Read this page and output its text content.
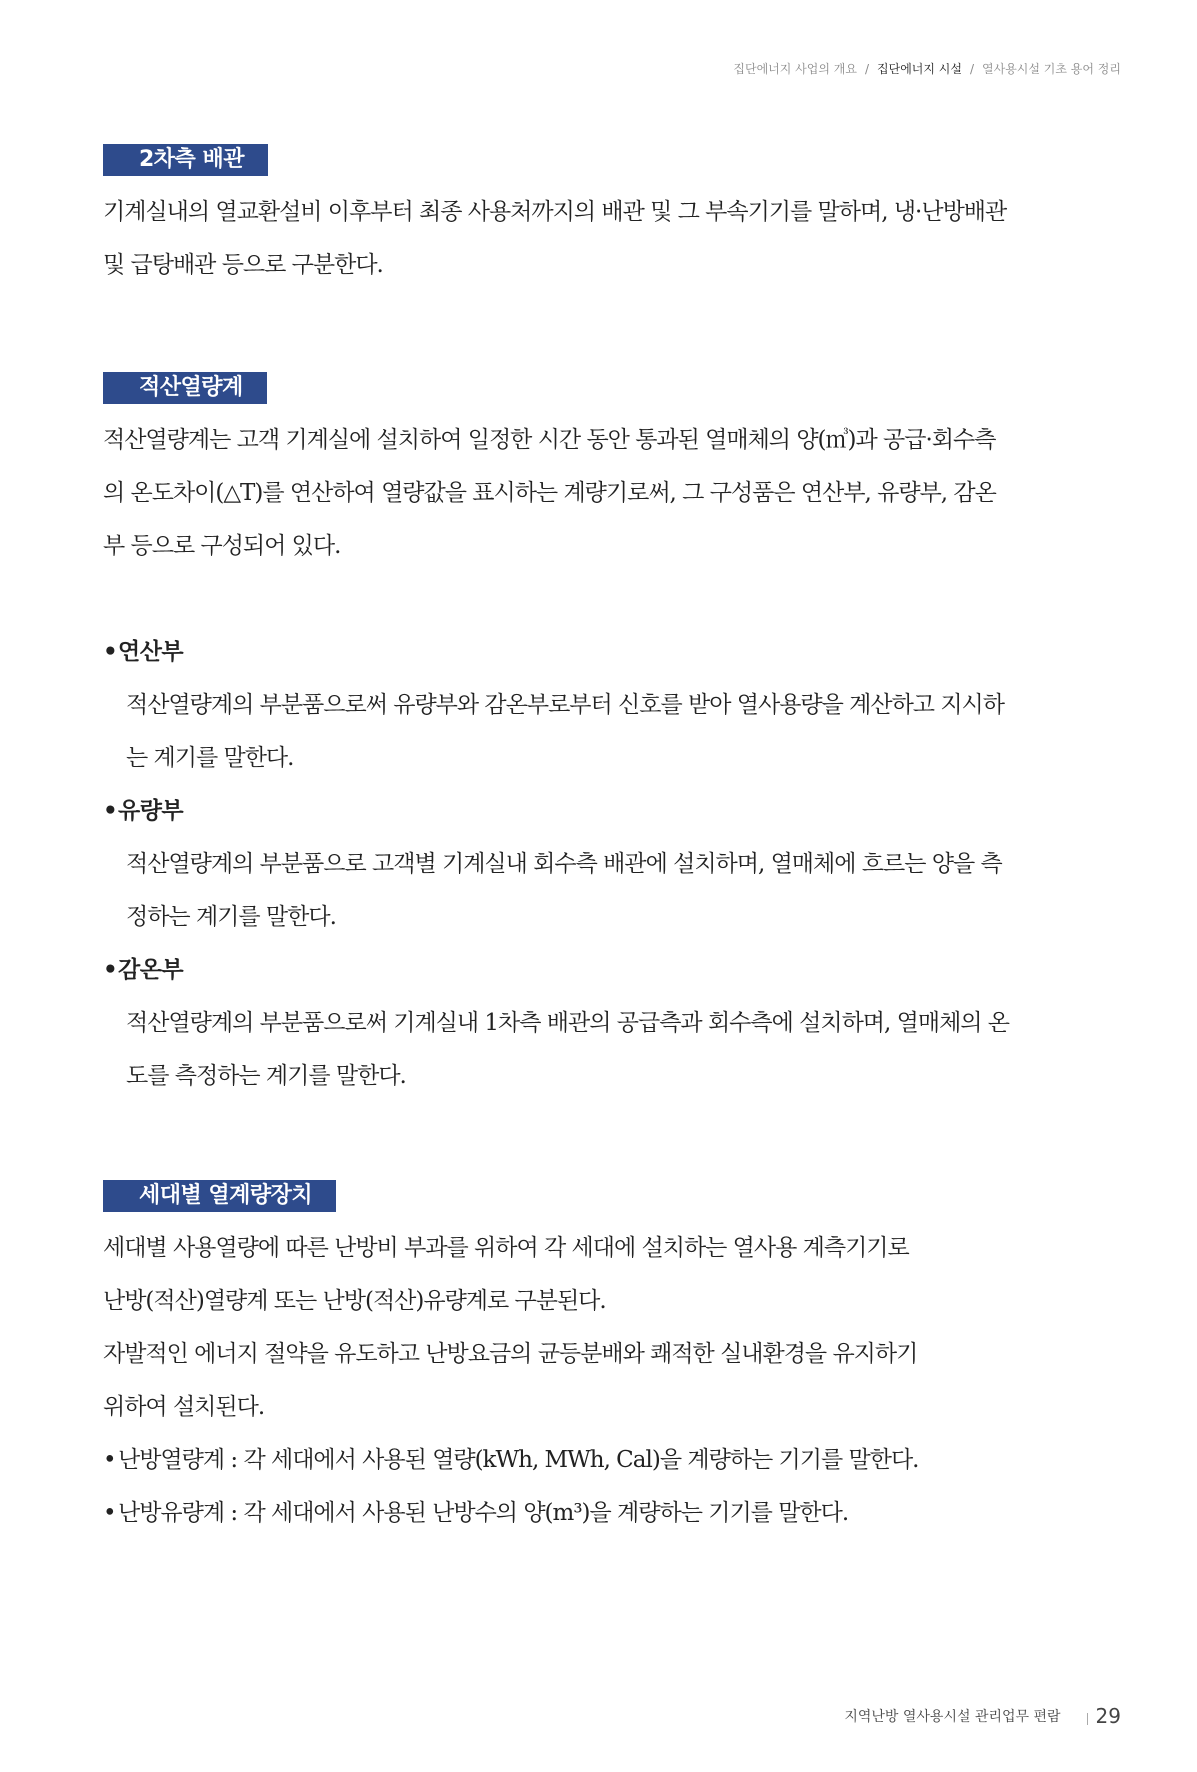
집단에너지 사업의 개요 / 집단에너지 시설 / 열사용시설 기초 용어 정리
2차측 배관

기계실내의 열교환설비 이후부터 최종 사용처까지의 배관 및 그 부속기기를 말하며, 냉·난방배관

및 급탕배관 등으로 구분한다.

적산열량계

적산열량계는 고객 기계실에 설치하여 일정한 시간 동안 통과된 열매체의 양(㎥)과 공급·회수측

의 온도차이(△T)를 연산하여 열량값을 표시하는 계량기로써, 그 구성품은 연산부, 유량부, 감온

부 등으로 구성되어 있다.

•연산부

적산열량계의 부분품으로써 유량부와 감온부로부터 신호를 받아 열사용량을 계산하고 지시하

는 계기를 말한다.

•유량부

적산열량계의 부분품으로 고객별 기계실내 회수측 배관에 설치하며, 열매체에 흐르는 양을 측

정하는 계기를 말한다.

•감온부

적산열량계의 부분품으로써 기계실내 1차측 배관의 공급측과 회수측에 설치하며, 열매체의 온

도를 측정하는 계기를 말한다.

세대별 열계량장치

세대별 사용열량에 따른 난방비 부과를 위하여 각 세대에 설치하는 열사용 계측기기로

난방(적산)열량계 또는 난방(적산)유량계로 구분된다.

자발적인 에너지 절약을 유도하고 난방요금의 균등분배와 쾌적한 실내환경을 유지하기

위하여 설치된다.

• 난방열량계 : 각 세대에서 사용된 열량(kWh, MWh, Cal)을 계량하는 기기를 말한다.

• 난방유량계 : 각 세대에서 사용된 난방수의 양(m³)을 계량하는 기기를 말한다.

지역난방 열사용시설 관리업무 편람 29
